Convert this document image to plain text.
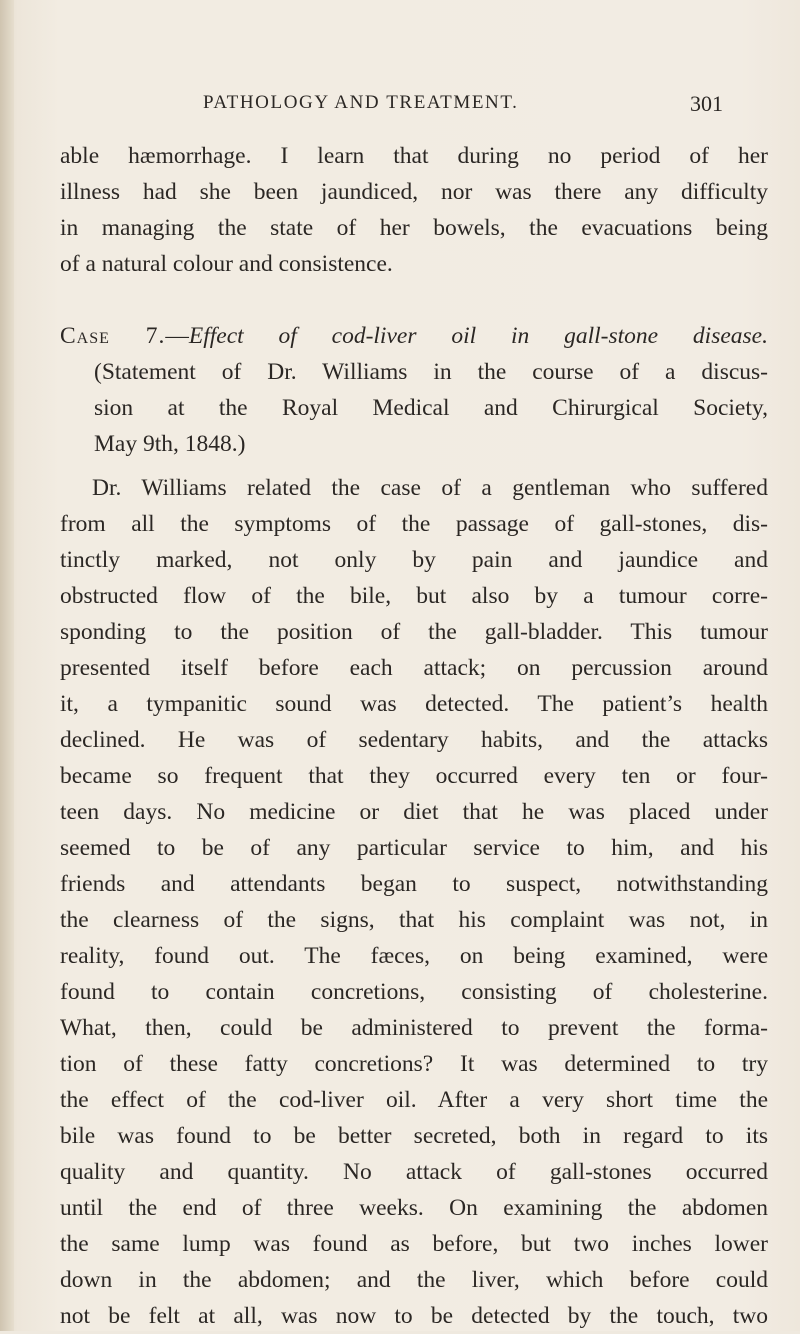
PATHOLOGY AND TREATMENT.	301
able hæmorrhage. I learn that during no period of her
illness had she been jaundiced, nor was there any difficulty
in managing the state of her bowels, the evacuations being
of a natural colour and consistence.
Case 7.—Effect of cod-liver oil in gall-stone disease.
(Statement of Dr. Williams in the course of a discus-
sion at the Royal Medical and Chirurgical Society,
May 9th, 1848.)
Dr. Williams related the case of a gentleman who suffered
from all the symptoms of the passage of gall-stones, dis-
tinctly marked, not only by pain and jaundice and
obstructed flow of the bile, but also by a tumour corre-
sponding to the position of the gall-bladder. This tumour
presented itself before each attack; on percussion around
it, a tympanitic sound was detected. The patient’s health
declined. He was of sedentary habits, and the attacks
became so frequent that they occurred every ten or four-
teen days. No medicine or diet that he was placed under
seemed to be of any particular service to him, and his
friends and attendants began to suspect, notwithstanding
the clearness of the signs, that his complaint was not, in
reality, found out. The fæces, on being examined, were
found to contain concretions, consisting of cholesterine.
What, then, could be administered to prevent the forma-
tion of these fatty concretions? It was determined to try
the effect of the cod-liver oil. After a very short time the
bile was found to be better secreted, both in regard to its
quality and quantity. No attack of gall-stones occurred
until the end of three weeks. On examining the abdomen
the same lump was found as before, but two inches lower
down in the abdomen; and the liver, which before could
not be felt at all, was now to be detected by the touch, two
